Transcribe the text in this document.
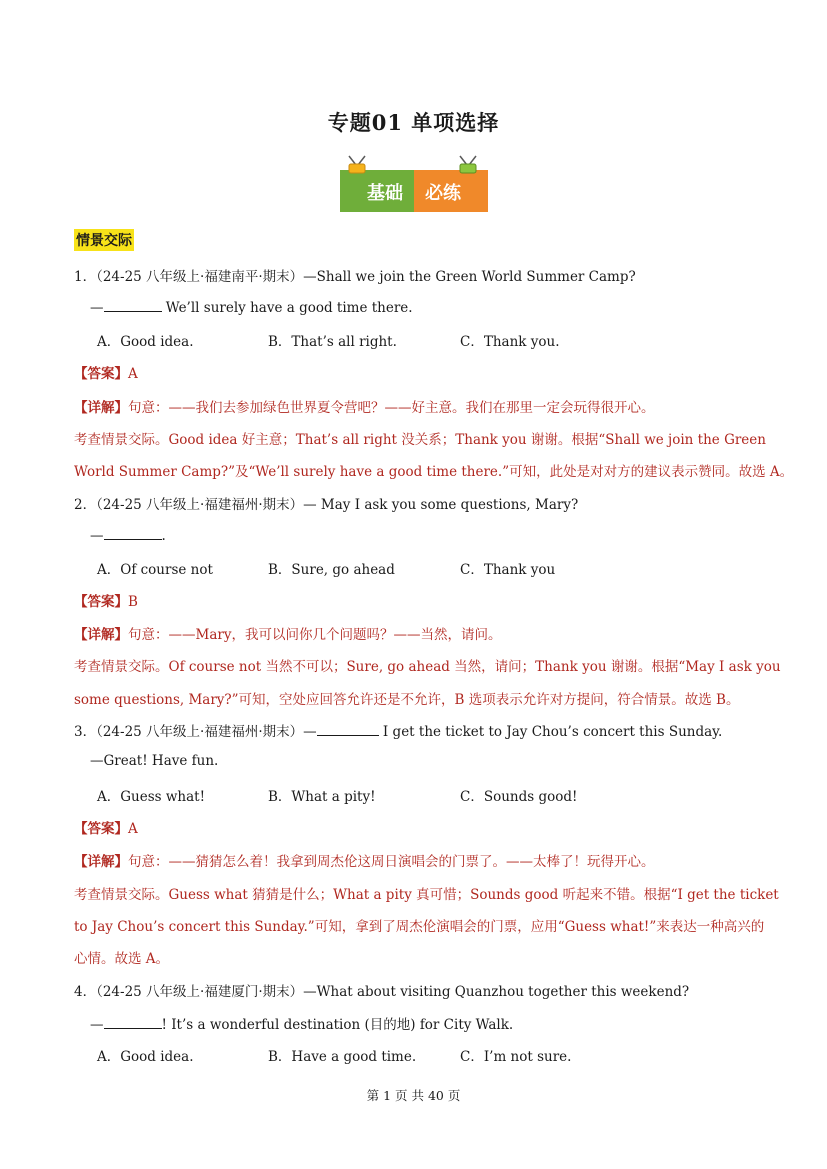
专题01 单项选择
基础 必练
情景交际
1．（24-25 八年级上·福建南平·期末）—Shall we join the Green World Summer Camp?
—	We’ll surely have a good time there.
A．Good idea.	B．That’s all right.	C．Thank you.
【答案】A
【详解】句意：——我们去参加绿色世界夏令营吧？——好主意。我们在那里一定会玩得很开心。
考查情景交际。Good idea 好主意；That’s all right 没关系；Thank you 谢谢。根据“Shall we join the Green
World Summer Camp?”及“We’ll surely have a good time there.”可知，此处是对对方的建议表示赞同。故选 A。
2．（24-25 八年级上·福建福州·期末）— May I ask you some questions, Mary?
—	.
A．Of course not	B．Sure, go ahead	C．Thank you
【答案】B
【详解】句意：——Mary，我可以问你几个问题吗？——当然，请问。
考查情景交际。Of course not 当然不可以；Sure, go ahead 当然，请问；Thank you 谢谢。根据“May I ask you
some questions, Mary?”可知，空处应回答允许还是不允许，B 选项表示允许对方提问，符合情景。故选 B。
3．（24-25 八年级上·福建福州·期末）—	I get the ticket to Jay Chou’s concert this Sunday.
—Great! Have fun.
A．Guess what!	B．What a pity!	C．Sounds good!
【答案】A
【详解】句意：——猜猜怎么着！我拿到周杰伦这周日演唱会的门票了。——太棒了！玩得开心。
考查情景交际。Guess what 猜猜是什么；What a pity 真可惜；Sounds good 听起来不错。根据“I get the ticket
to Jay Chou’s concert this Sunday.”可知，拿到了周杰伦演唱会的门票，应用“Guess what!”来表达一种高兴的
心情。故选 A。
4．（24-25 八年级上·福建厦门·期末）—What about visiting Quanzhou together this weekend?
—	! It’s a wonderful destination (目的地) for City Walk.
A．Good idea.	B．Have a good time.	C．I’m not sure.
第 1 页 共 40 页
